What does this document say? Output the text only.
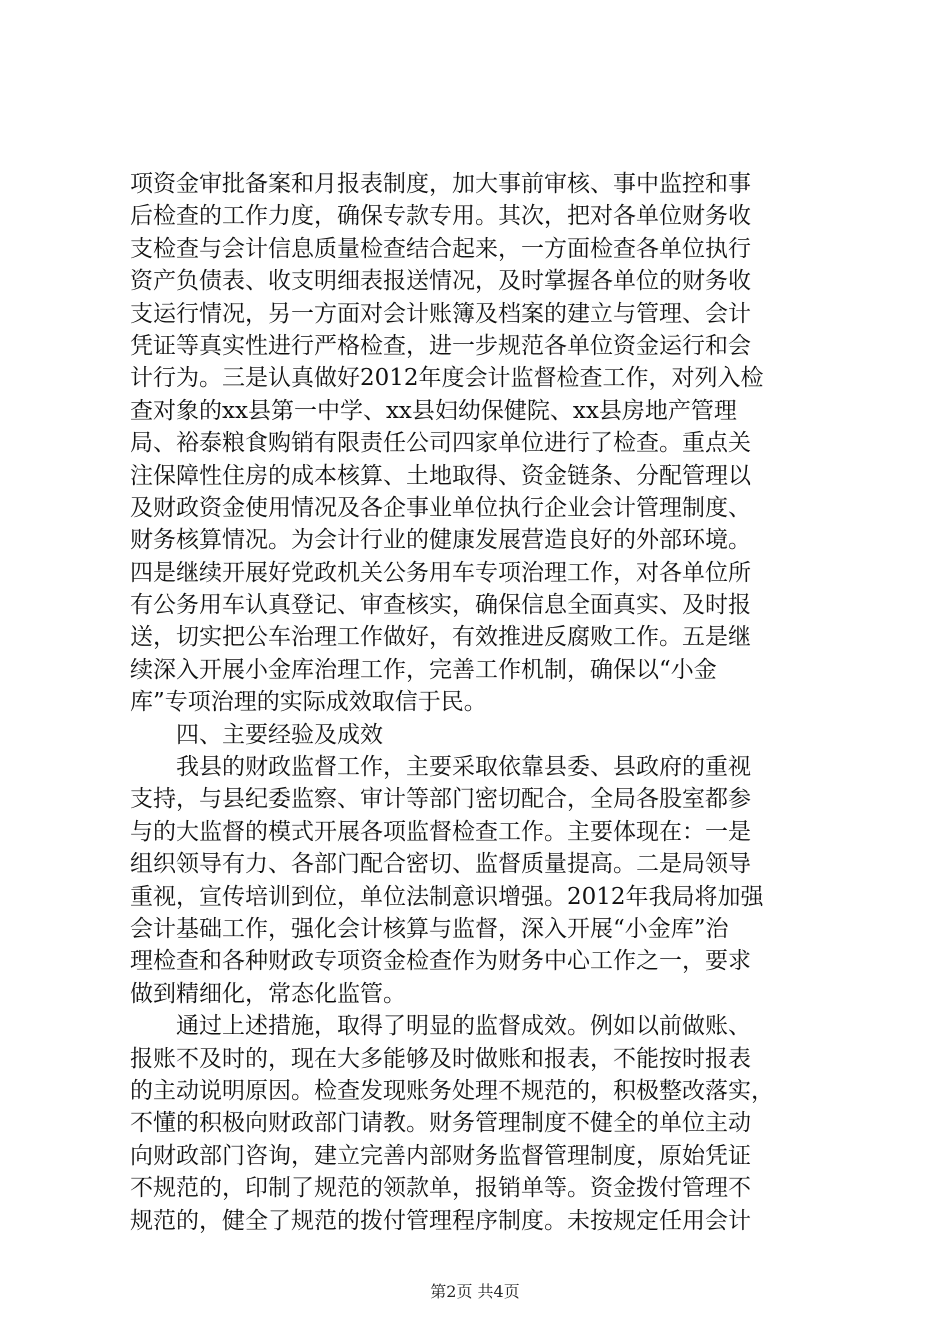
项资金审批备案和月报表制度，加大事前审核、事中监控和事
后检查的工作力度，确保专款专用。其次，把对各单位财务收
支检查与会计信息质量检查结合起来，一方面检查各单位执行
资产负债表、收支明细表报送情况，及时掌握各单位的财务收
支运行情况，另一方面对会计账簿及档案的建立与管理、会计
凭证等真实性进行严格检查，进一步规范各单位资金运行和会
计行为。三是认真做好2012年度会计监督检查工作，对列入检
查对象的xx县第一中学、xx县妇幼保健院、xx县房地产管理
局、裕泰粮食购销有限责任公司四家单位进行了检查。重点关
注保障性住房的成本核算、土地取得、资金链条、分配管理以
及财政资金使用情况及各企事业单位执行企业会计管理制度、
财务核算情况。为会计行业的健康发展营造良好的外部环境。
四是继续开展好党政机关公务用车专项治理工作，对各单位所
有公务用车认真登记、审查核实，确保信息全面真实、及时报
送，切实把公车治理工作做好，有效推进反腐败工作。五是继
续深入开展小金库治理工作，完善工作机制，确保以“小金
库”专项治理的实际成效取信于民。
　　四、主要经验及成效
　　我县的财政监督工作，主要采取依靠县委、县政府的重视
支持，与县纪委监察、审计等部门密切配合，全局各股室都参
与的大监督的模式开展各项监督检查工作。主要体现在：一是
组织领导有力、各部门配合密切、监督质量提高。二是局领导
重视，宣传培训到位，单位法制意识增强。2012年我局将加强
会计基础工作，强化会计核算与监督，深入开展“小金库”治
理检查和各种财政专项资金检查作为财务中心工作之一，要求
做到精细化，常态化监管。
　　通过上述措施，取得了明显的监督成效。例如以前做账、
报账不及时的，现在大多能够及时做账和报表，不能按时报表
的主动说明原因。检查发现账务处理不规范的，积极整改落实，
不懂的积极向财政部门请教。财务管理制度不健全的单位主动
向财政部门咨询，建立完善内部财务监督管理制度，原始凭证
不规范的，印制了规范的领款单，报销单等。资金拨付管理不
规范的，健全了规范的拨付管理程序制度。未按规定任用会计
第2页 共4页
